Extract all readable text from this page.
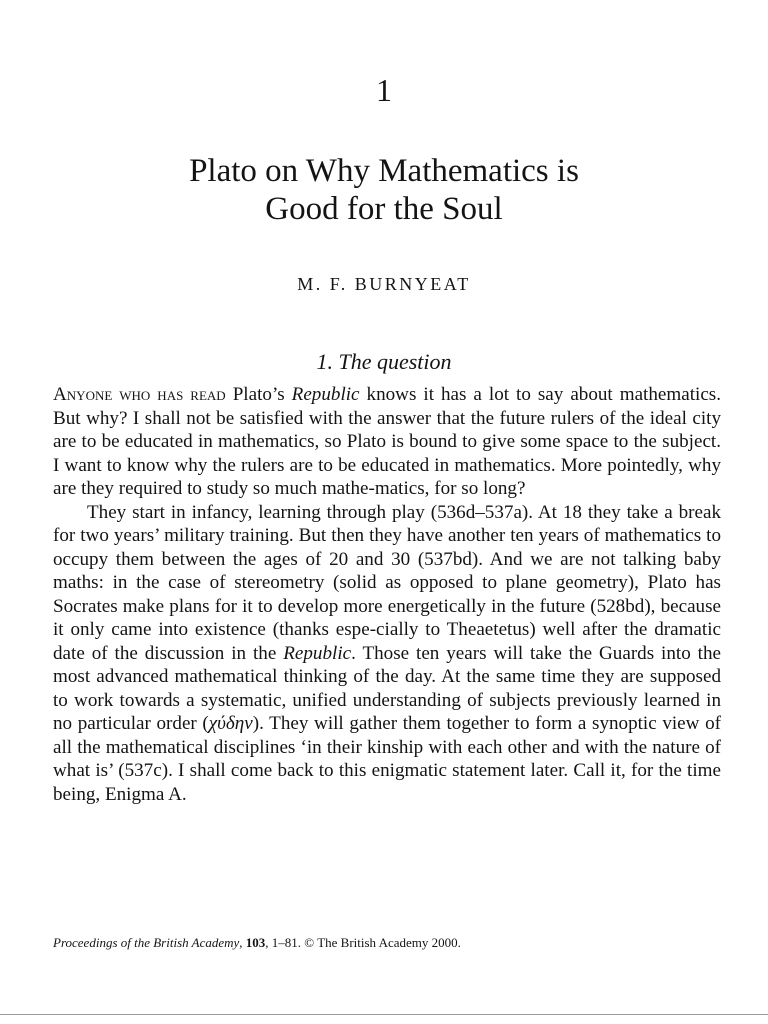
1
Plato on Why Mathematics is
Good for the Soul
M. F. BURNYEAT
1. The question

Anyone who has read Plato’s Republic knows it has a lot to say about mathematics. But why? I shall not be satisfied with the answer that the future rulers of the ideal city are to be educated in mathematics, so Plato is bound to give some space to the subject. I want to know why the rulers are to be educated in mathematics. More pointedly, why are they required to study so much mathe-matics, for so long?

They start in infancy, learning through play (536d–537a). At 18 they take a break for two years’ military training. But then they have another ten years of mathematics to occupy them between the ages of 20 and 30 (537bd). And we are not talking baby maths: in the case of stereometry (solid as opposed to plane geometry), Plato has Socrates make plans for it to develop more energetically in the future (528bd), because it only came into existence (thanks espe-cially to Theaetetus) well after the dramatic date of the discussion in the Republic. Those ten years will take the Guards into the most advanced mathematical thinking of the day. At the same time they are supposed to work towards a systematic, unified understanding of subjects previously learned in no particular order (χύδην). They will gather them together to form a synoptic view of all the mathematical disciplines ‘in their kinship with each other and with the nature of what is’ (537c). I shall come back to this enigmatic statement later. Call it, for the time being, Enigma A.

Proceedings of the British Academy, 103, 1–81. © The British Academy 2000.
